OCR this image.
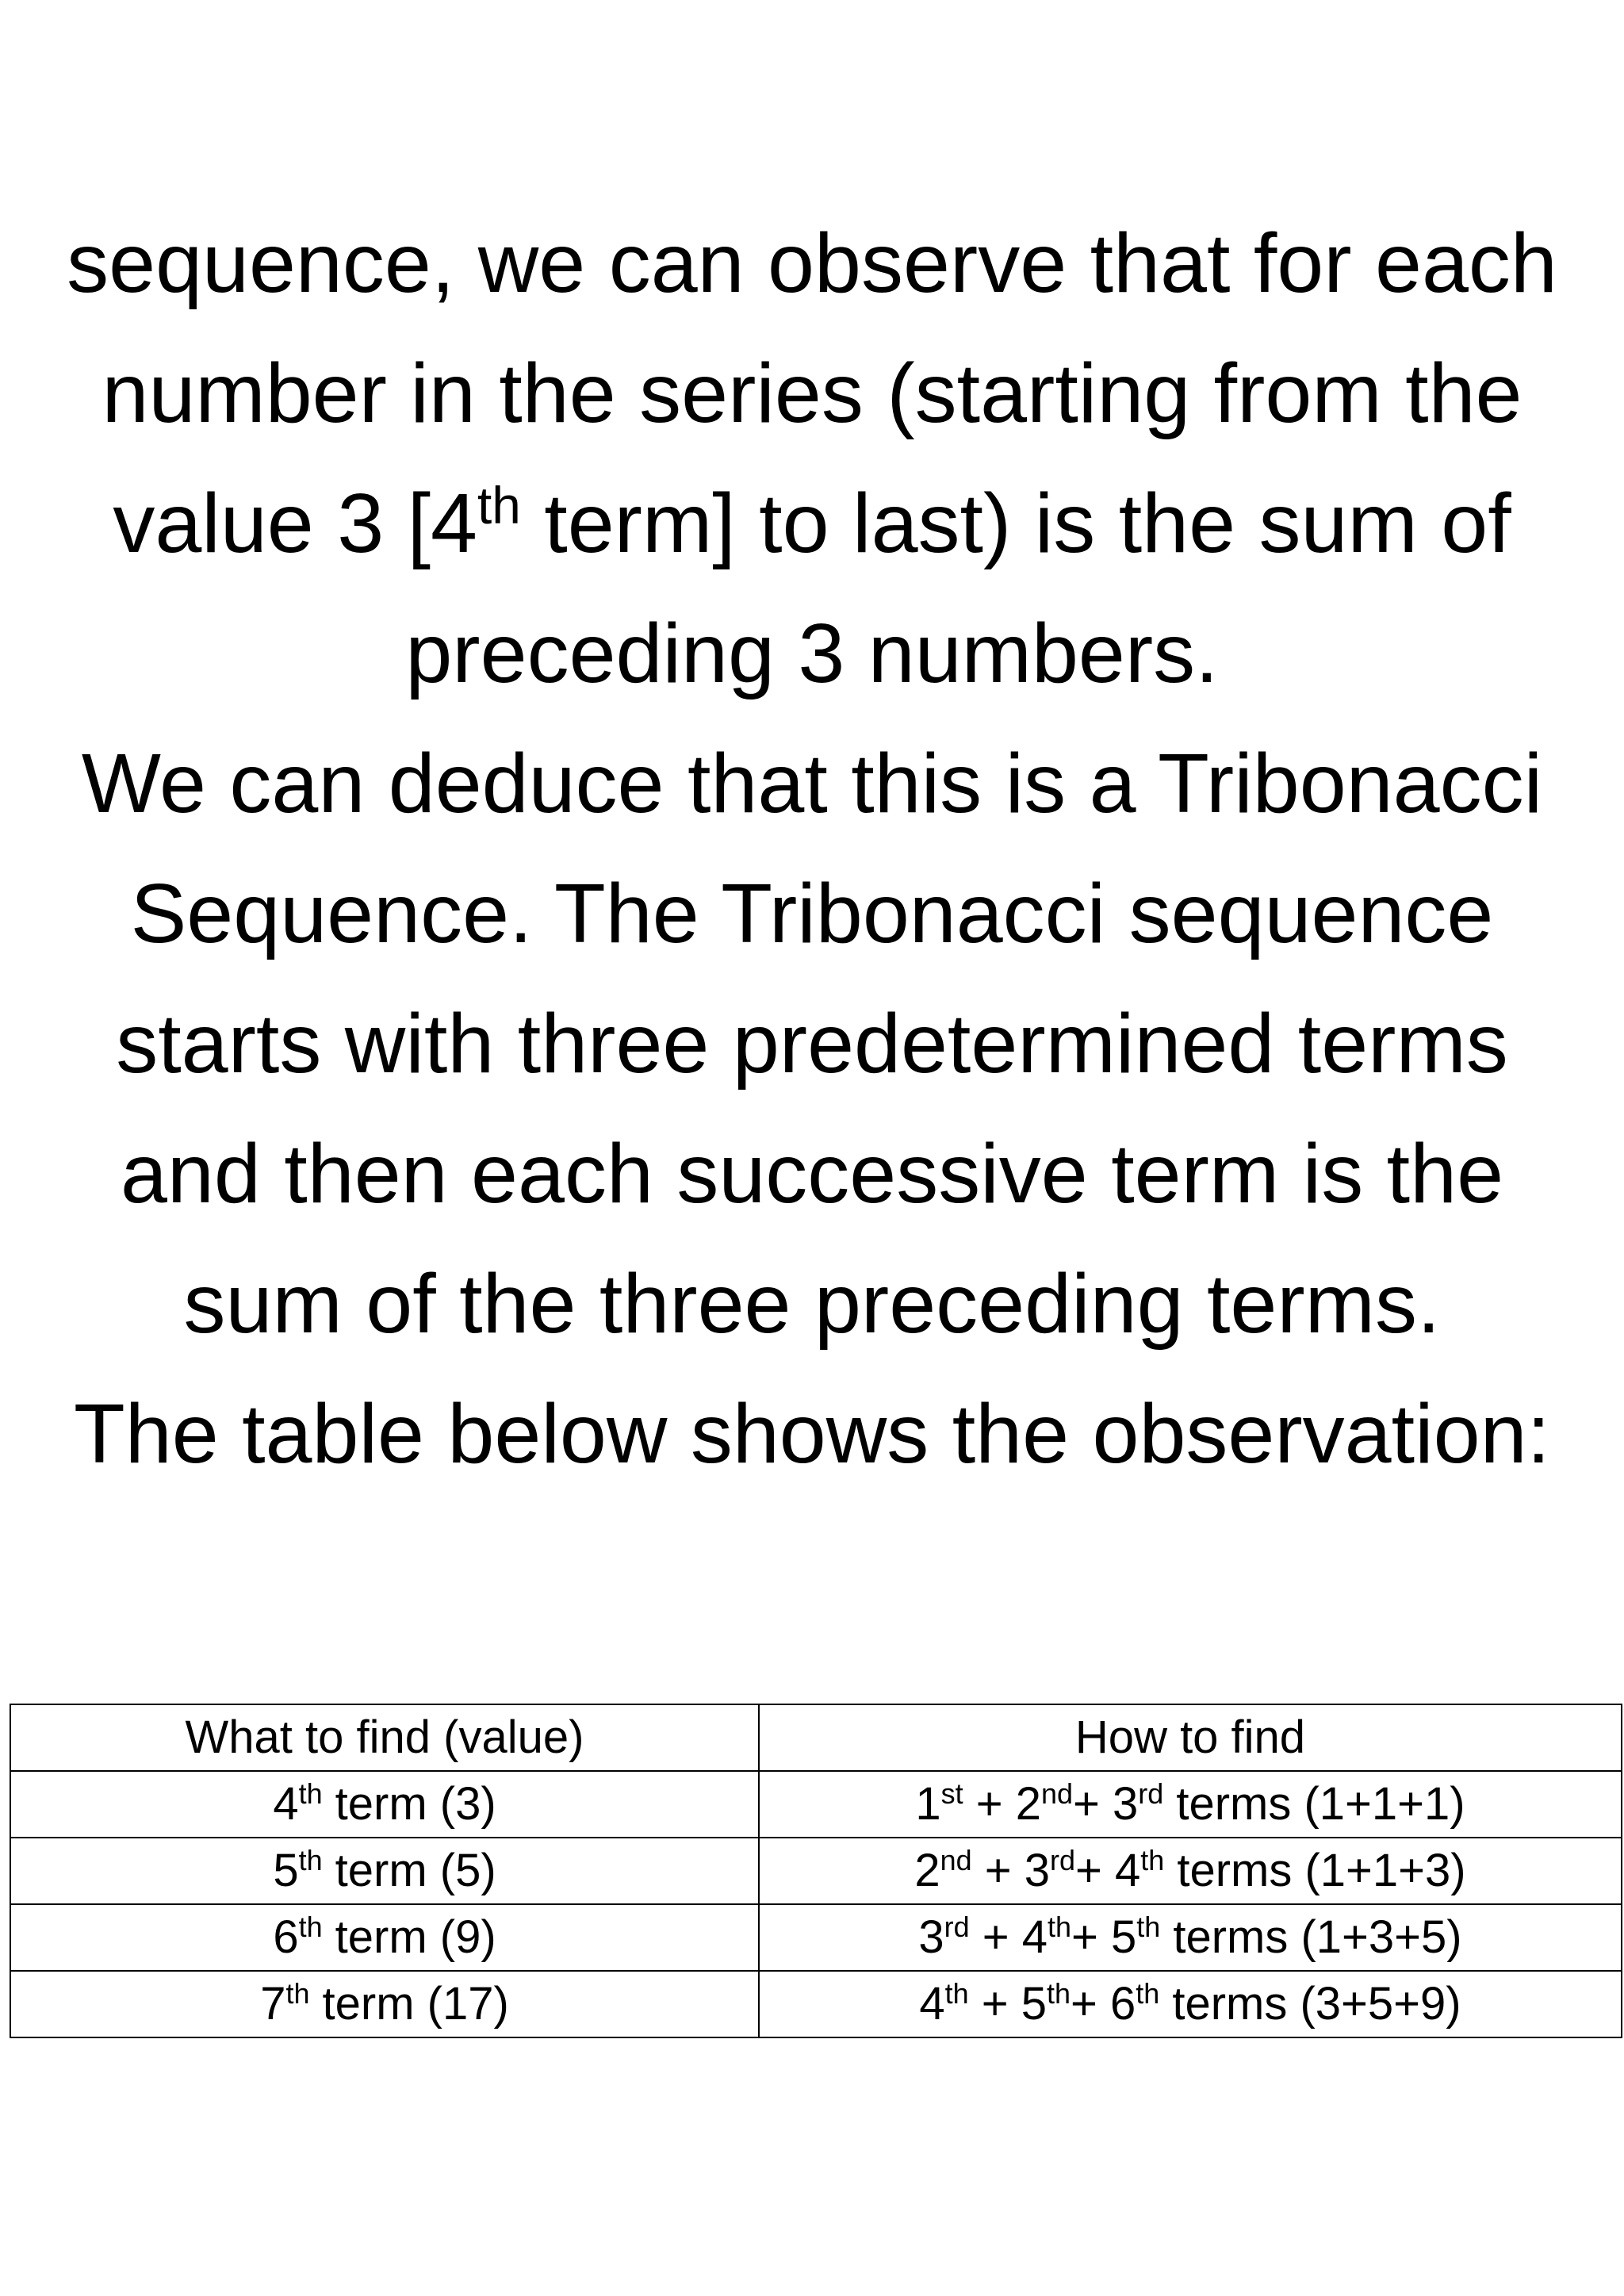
sequence, we can observe that for each
number in the series (starting from the
value 3 [4th term] to last) is the sum of
preceding 3 numbers.
We can deduce that this is a Tribonacci
Sequence. The Tribonacci sequence
starts with three predetermined terms
and then each successive term is the
sum of the three preceding terms.
The table below shows the observation:
What to find (value)	How to find
4th term (3)	1st + 2nd+ 3rd terms (1+1+1)
5th term (5)	2nd + 3rd+ 4th terms (1+1+3)
6th term (9)	3rd + 4th+ 5th terms (1+3+5)
7th term (17)	4th + 5th+ 6th terms (3+5+9)
